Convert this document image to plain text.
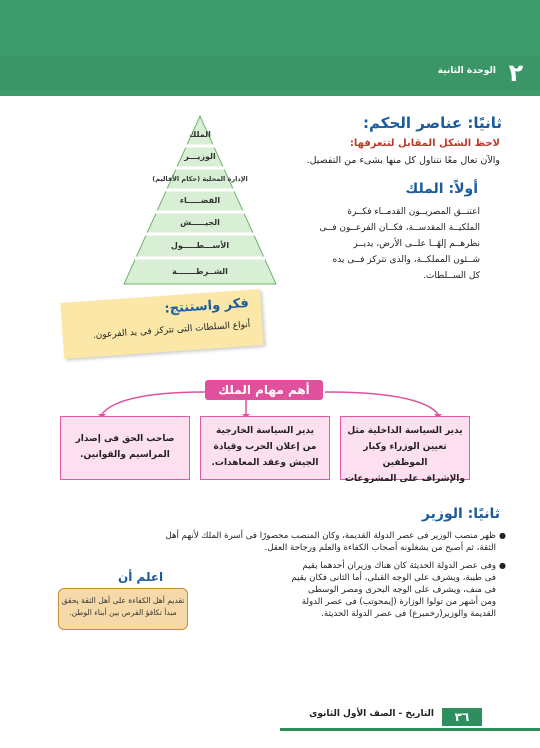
٢
الوحدة الثانية
ثانيًا: عناصر الحكم:
لاحظ الشكل المقابل لتتعرفها:
والآن تعال معًا نتناول كل منها بشىء من التفصيل.
الملك
الوزيـــر
الإدارة المحلية (حكام الأقاليم)
القضـــــاء
الجيـــــش
الأســـطـــــول
الشــرطـــــــة
أولاً: الملك
اعتنــق المصريــون القدمــاء فكــرة
الملكيــة المقدســة، فكــان الفرعــون فــى
نظرهــم إلهًــا علــى الأرض، يديــر
شــئون المملكــة، والذى تتركز فــى يده
كل الســلطات.
فكر واستنتج:
أنواع السلطات التى تتركز فى يد الفرعون.
أهم مهام الملك
يدير السياسة الداخلية مثل
تعيين الوزراء وكبار الموظفين
والإشراف على المشروعات
يدير السياسة الخارجية
من إعلان الحرب وقيادة
الجيش وعقد المعاهدات.
صاحب الحق فى إصدار
المراسيم والقوانين.
ثانيًا: الوزير
ظهر منصب الوزير فى عصر الدولة القديمة، وكان المنصب محصورًا فى أسرة الملك لأنهم أهل
الثقة، ثم أصبح من يشغلونه أصحاب الكفاءة والعلم ورجاحة العقل.
●
وفى عصر الدولة الحديثة كان هناك وزيران أحدهما يقيم
فى طيبة، ويشرف على الوجه القبلى، أما الثانى فكان يقيم
فى منف، ويشرف على الوجه البحرى ومصر الوسطى
ومن أشهر من تولوا الوزارة (إيمحوتب) فى عصر الدولة
القديمة والوزير(رخميرع) فى عصر الدولة الحديثة.
●
اعلم أن
تقديم أهل الكفاءة على أهل الثقة يحقق
مبدأ تكافؤ الفرص بين أبناء الوطن.
٣٦
التاريخ - الصف الأول الثانوى
